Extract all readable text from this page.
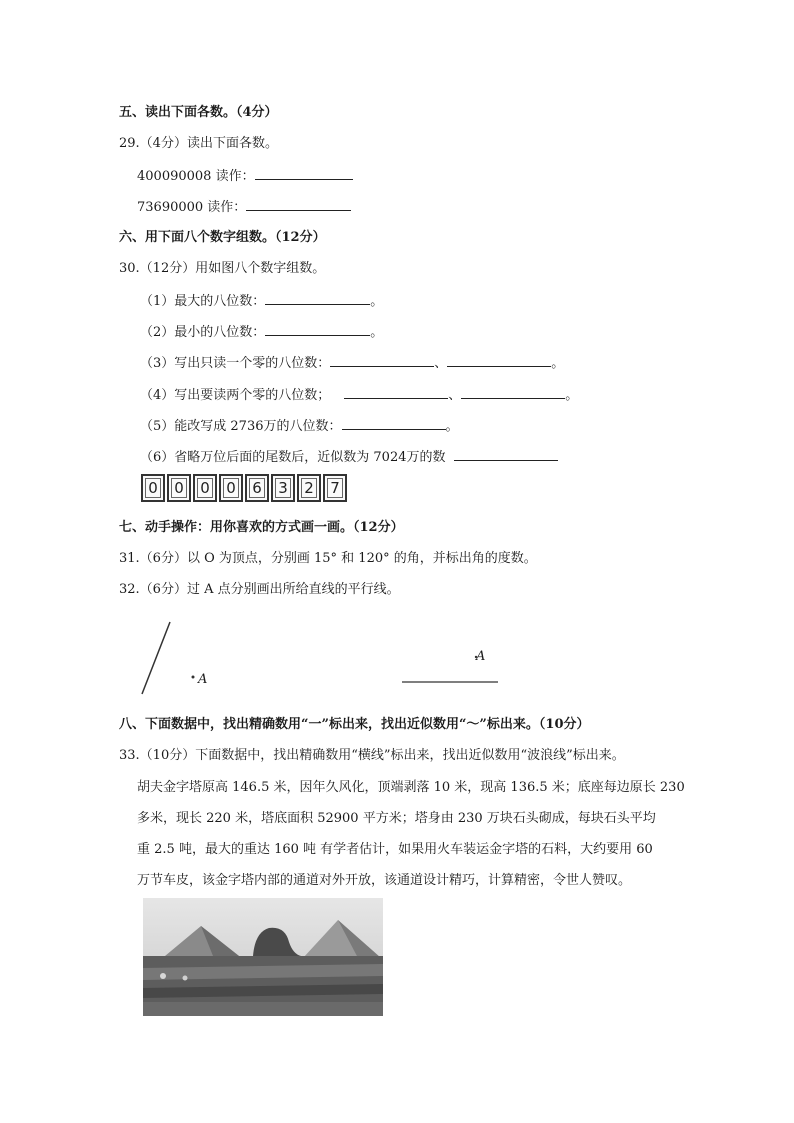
五、读出下面各数。（4分）
29.（4分）读出下面各数。
400090008 读作：
73690000 读作：
六、用下面八个数字组数。（12分）
30.（12分）用如图八个数字组数。
（1）最大的八位数：	。
（2）最小的八位数：	。
（3）写出只读一个零的八位数：	、	。
（4）写出要读两个零的八位数；	、	。
（5）能改写成 2736万的八位数：	。
（6）省略万位后面的尾数后，近似数为 7024万的数
0 0 0 0 6 3 2 7
七、动手操作：用你喜欢的方式画一画。（12分）
31.（6分）以 O 为顶点，分别画 15° 和 120° 的角，并标出角的度数。
32.（6分）过 A 点分别画出所给直线的平行线。
A
A
八、下面数据中，找出精确数用“一”标出来，找出近似数用“～”标出来。（10分）
33.（10分）下面数据中，找出精确数用“横线”标出来，找出近似数用“波浪线”标出来。
胡夫金字塔原高 146.5 米，因年久风化，顶端剥落 10 米，现高 136.5 米；底座每边原长 230
多米，现长 220 米，塔底面积 52900 平方米；塔身由 230 万块石头砌成，每块石头平均
重 2.5 吨，最大的重达 160 吨 有学者估计，如果用火车装运金字塔的石料，大约要用 60
万节车皮，该金字塔内部的通道对外开放，该通道设计精巧，计算精密，令世人赞叹。
